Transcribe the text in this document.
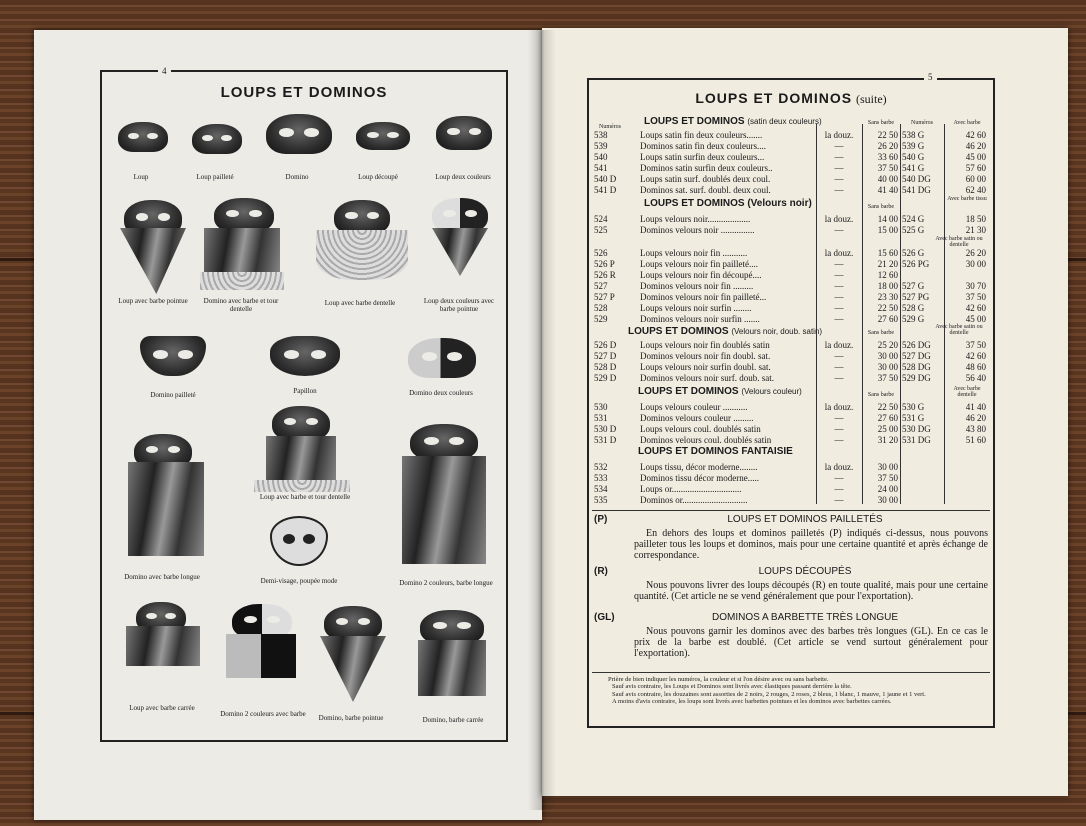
4
LOUPS ET DOMINOS
Loup	Loup pailleté	Domino	Loup découpé	Loup deux couleurs
Loup avec barbe pointue	Domino avec barbe et tour dentelle
Loup avec barbe dentelle	Loup deux couleurs avec barbe pointue
Domino pailleté	Papillon	Domino deux couleurs
Loup avec barbe et tour dentelle
Domino avec barbe longue	Demi-visage, poupée mode	Domino 2 couleurs, barbe longue
Loup avec barbe carrée
Domino 2 couleurs avec barbe	Domino, barbe pointue	Domino, barbe carrée
5
LOUPS ET DOMINOS (suite)
Numéros	LOUPS ET DOMINOS (satin deux couleurs)	Sans barbe	Numéros	Avec barbe
538	Loups satin fin deux couleurs.......	la douz.	22 50 538 G	42 60
539	Dominos satin fin deux couleurs....	—	26 20 539 G	46 20
540	Loups satin surfin deux couleurs...	—	33 60 540 G	45 00
541	Dominos satin surfin deux couleurs..	—	37 50 541 G	57 60
540 D	Loups satin surf. doublés deux coul.	—	40 00 540 DG	60 00
541 D	Dominos sat. surf. doubl. deux coul.	—	41 40 541 DG	62 40
LOUPS ET DOMINOS (Velours noir)	Sans barbe
Avec barbe tissu
Avec barbe satin ou dentelle
524	Loups velours noir...................	la douz.	14 00 524 G	18 50
525	Dominos velours noir ...............	—	15 00 525 G	21 30
526	Loups velours noir fin ...........	la douz.	15 60 526 G	26 20
526 P	Loups velours noir fin pailleté....	—	21 20 526 PG	30 00
526 R	Loups velours noir fin découpé....	—	12 60
527	Dominos velours noir fin .........	—	18 00 527 G	30 70
527 P	Dominos velours noir fin pailleté...	—	23 30 527 PG	37 50
528	Loups velours noir surfin ........	—	22 50 528 G	42 60
529	Dominos velours noir surfin .......	—	27 60 529 G	45 00
LOUPS ET DOMINOS (Velours noir, doub. satin)	Sans barbe
Avec barbe satin ou dentelle
526 D	Loups velours noir fin doublés satin	la douz.	25 20 526 DG	37 50
527 D	Dominos velours noir fin doubl. sat.	—	30 00 527 DG	42 60
528 D	Loups velours noir surfin doubl. sat.	—	30 00 528 DG	48 60
529 D	Dominos velours noir surf. doub. sat.	—	37 50 529 DG	56 40
LOUPS ET DOMINOS (Velours couleur)	Sans barbe
Avec barbe dentelle
530	Loups velours couleur ...........	la douz.	22 50 530 G	41 40
531	Dominos velours couleur .........	—	27 60 531 G	46 20
530 D	Loups velours coul. doublés satin	—	25 00 530 DG	43 80
531 D	Dominos velours coul. doublés satin	—	31 20 531 DG	51 60
LOUPS ET DOMINOS FANTAISIE
532	Loups tissu, décor moderne........	la douz.	30 00
533	Dominos tissu décor moderne.....	—	37 50
534	Loups or...............................	—	24 00
535	Dominos or.............................	—	30 00
(P)	LOUPS ET DOMINOS PAILLETÉS
En dehors des loups et dominos pailletés (P) indiqués ci-dessus, nous pouvons pailleter tous les loups et dominos, mais pour une certaine quantité et après échange de correspondance.
(R)	LOUPS DÉCOUPÉS
Nous pouvons livrer des loups découpés (R) en toute qualité, mais pour une certaine quantité. (Cet article ne se vend généralement que pour l'exportation).
(GL)	DOMINOS A BARBETTE TRÈS LONGUE
Nous pouvons garnir les dominos avec des barbes très longues (GL). En ce cas le prix de la barbe est doublé. (Cet article se vend surtout généralement pour l'exportation).
Prière de bien indiquer les numéros, la couleur et si l'on désire avec ou sans barbette.
Sauf avis contraire, les Loups et Dominos sont livrés avec élastiques passant derrière la tête.
Sauf avis contraire, les douzaines sont assorties de 2 noirs, 2 rouges, 2 roses, 2 bleus, 1 blanc, 1 mauve, 1 jaune et 1 vert.
A moins d'avis contraire, les loups sont livrés avec barbettes pointues et les dominos avec barbettes carrées.
